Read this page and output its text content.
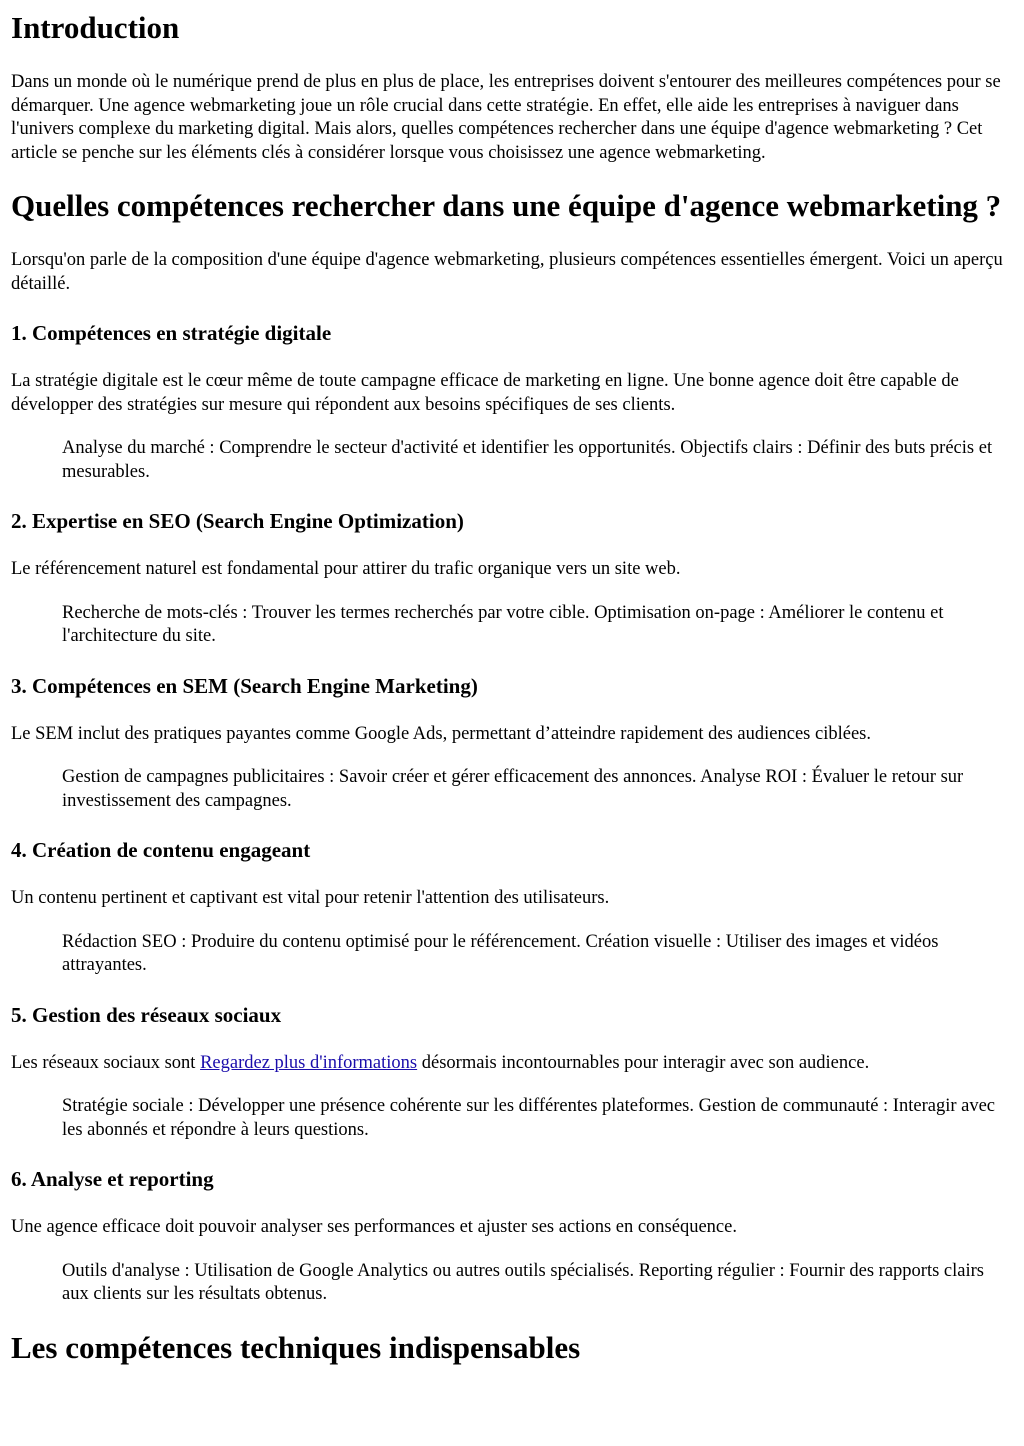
Introduction

Dans un monde où le numérique prend de plus en plus de place, les entreprises doivent s'entourer des meilleures compétences pour se démarquer. Une agence webmarketing joue un rôle crucial dans cette stratégie. En effet, elle aide les entreprises à naviguer dans l'univers complexe du marketing digital. Mais alors, quelles compétences rechercher dans une équipe d'agence webmarketing ? Cet article se penche sur les éléments clés à considérer lorsque vous choisissez une agence webmarketing.

Quelles compétences rechercher dans une équipe d'agence webmarketing ?

Lorsqu'on parle de la composition d'une équipe d'agence webmarketing, plusieurs compétences essentielles émergent. Voici un aperçu détaillé.

1. Compétences en stratégie digitale

La stratégie digitale est le cœur même de toute campagne efficace de marketing en ligne. Une bonne agence doit être capable de développer des stratégies sur mesure qui répondent aux besoins spécifiques de ses clients.

Analyse du marché : Comprendre le secteur d'activité et identifier les opportunités. Objectifs clairs : Définir des buts précis et mesurables.
2. Expertise en SEO (Search Engine Optimization)

Le référencement naturel est fondamental pour attirer du trafic organique vers un site web.

Recherche de mots-clés : Trouver les termes recherchés par votre cible. Optimisation on-page : Améliorer le contenu et l'architecture du site.
3. Compétences en SEM (Search Engine Marketing)

Le SEM inclut des pratiques payantes comme Google Ads, permettant d’atteindre rapidement des audiences ciblées.

Gestion de campagnes publicitaires : Savoir créer et gérer efficacement des annonces. Analyse ROI : Évaluer le retour sur investissement des campagnes.
4. Création de contenu engageant

Un contenu pertinent et captivant est vital pour retenir l'attention des utilisateurs.

Rédaction SEO : Produire du contenu optimisé pour le référencement. Création visuelle : Utiliser des images et vidéos attrayantes.
5. Gestion des réseaux sociaux

Les réseaux sociaux sont Regardez plus d'informations désormais incontournables pour interagir avec son audience.

Stratégie sociale : Développer une présence cohérente sur les différentes plateformes. Gestion de communauté : Interagir avec les abonnés et répondre à leurs questions.
6. Analyse et reporting

Une agence efficace doit pouvoir analyser ses performances et ajuster ses actions en conséquence.

Outils d'analyse : Utilisation de Google Analytics ou autres outils spécialisés. Reporting régulier : Fournir des rapports clairs aux clients sur les résultats obtenus.
Les compétences techniques indispensables
